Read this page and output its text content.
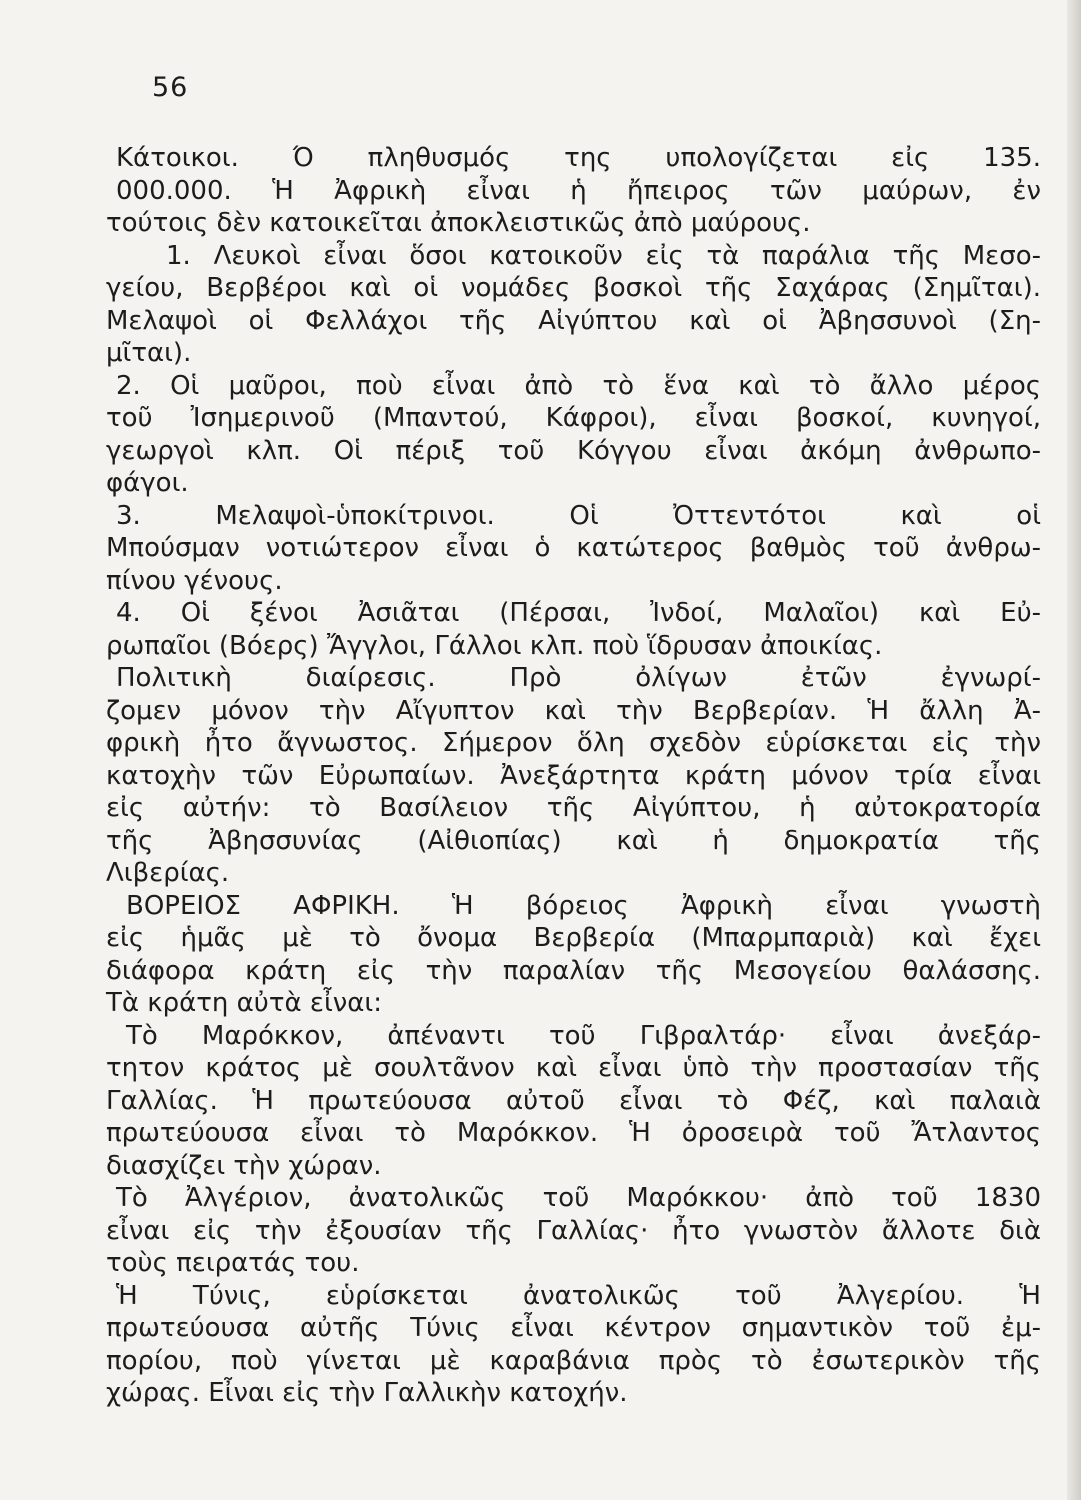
56
Κάτοικοι. Ό πληθυσμός της υπολογίζεται εἰς 135.
000.000. Ἡ Ἀφρικὴ εἶναι ἡ ἤπειρος τῶν μαύρων, ἐν
τούτοις δὲν κατοικεῖται ἀποκλειστικῶς ἀπὸ μαύρους.
1. Λευκοὶ εἶναι ὅσοι κατοικοῦν εἰς τὰ παράλια τῆς Μεσο-
γείου, Βερβέροι καὶ οἱ νομάδες βοσκοὶ τῆς Σαχάρας (Σημῖται).
Μελαψοὶ οἱ Φελλάχοι τῆς Αἰγύπτου καὶ οἱ Ἀβησσυνοὶ (Ση-
μῖται).
2. Οἱ μαῦροι, ποὺ εἶναι ἀπὸ τὸ ἕνα καὶ τὸ ἄλλο μέρος
τοῦ Ἰσημερινοῦ (Μπαντού, Κάφροι), εἶναι βοσκοί, κυνηγοί,
γεωργοὶ κλπ. Οἱ πέριξ τοῦ Κόγγου εἶναι ἀκόμη ἀνθρωπο-
φάγοι.
3. Μελαψοὶ-ὑποκίτρινοι. Οἱ Ὀττεντότοι καὶ οἱ
Μπούσμαν νοτιώτερον εἶναι ὁ κατώτερος βαθμὸς τοῦ ἀνθρω-
πίνου γένους.
4. Οἱ ξένοι Ἀσιᾶται (Πέρσαι, Ἰνδοί, Μαλαῖοι) καὶ Εὐ-
ρωπαῖοι (Βόερς) Ἄγγλοι, Γάλλοι κλπ. ποὺ ἵδρυσαν ἀποικίας.
Πολιτικὴ διαίρεσις. Πρὸ ὀλίγων ἐτῶν ἐγνωρί-
ζομεν μόνον τὴν Αἴγυπτον καὶ τὴν Βερβερίαν. Ἡ ἄλλη Ἀ-
φρικὴ ἦτο ἄγνωστος. Σήμερον ὅλη σχεδὸν εὑρίσκεται εἰς τὴν
κατοχὴν τῶν Εὐρωπαίων. Ἀνεξάρτητα κράτη μόνον τρία εἶναι
εἰς αὐτήν: τὸ Βασίλειον τῆς Αἰγύπτου, ἡ αὐτοκρατορία
τῆς Ἀβησσυνίας (Αἰθιοπίας) καὶ ἡ δημοκρατία τῆς
Λιβερίας.
ΒΟΡΕΙΟΣ ΑΦΡΙΚΗ. Ἡ βόρειος Ἀφρικὴ εἶναι γνωστὴ
εἰς ἡμᾶς μὲ τὸ ὄνομα Βερβερία (Μπαρμπαριὰ) καὶ ἔχει
διάφορα κράτη εἰς τὴν παραλίαν τῆς Μεσογείου θαλάσσης.
Τὰ κράτη αὐτὰ εἶναι:
Τὸ Μαρόκκον, ἀπέναντι τοῦ Γιβραλτάρ· εἶναι ἀνεξάρ-
τητον κράτος μὲ σουλτᾶνον καὶ εἶναι ὑπὸ τὴν προστασίαν τῆς
Γαλλίας. Ἡ πρωτεύουσα αὐτοῦ εἶναι τὸ Φέζ, καὶ παλαιὰ
πρωτεύουσα εἶναι τὸ Μαρόκκον. Ἡ ὀροσειρὰ τοῦ Ἄτλαντος
διασχίζει τὴν χώραν.
Τὸ Ἀλγέριον, ἀνατολικῶς τοῦ Μαρόκκου· ἀπὸ τοῦ 1830
εἶναι εἰς τὴν ἐξουσίαν τῆς Γαλλίας· ἦτο γνωστὸν ἄλλοτε διὰ
τοὺς πειρατάς του.
Ἡ Τύνις, εὑρίσκεται ἀνατολικῶς τοῦ Ἀλγερίου. Ἡ
πρωτεύουσα αὐτῆς Τύνις εἶναι κέντρον σημαντικὸν τοῦ ἐμ-
πορίου, ποὺ γίνεται μὲ καραβάνια πρὸς τὸ ἐσωτερικὸν τῆς
χώρας. Εἶναι εἰς τὴν Γαλλικὴν κατοχήν.
